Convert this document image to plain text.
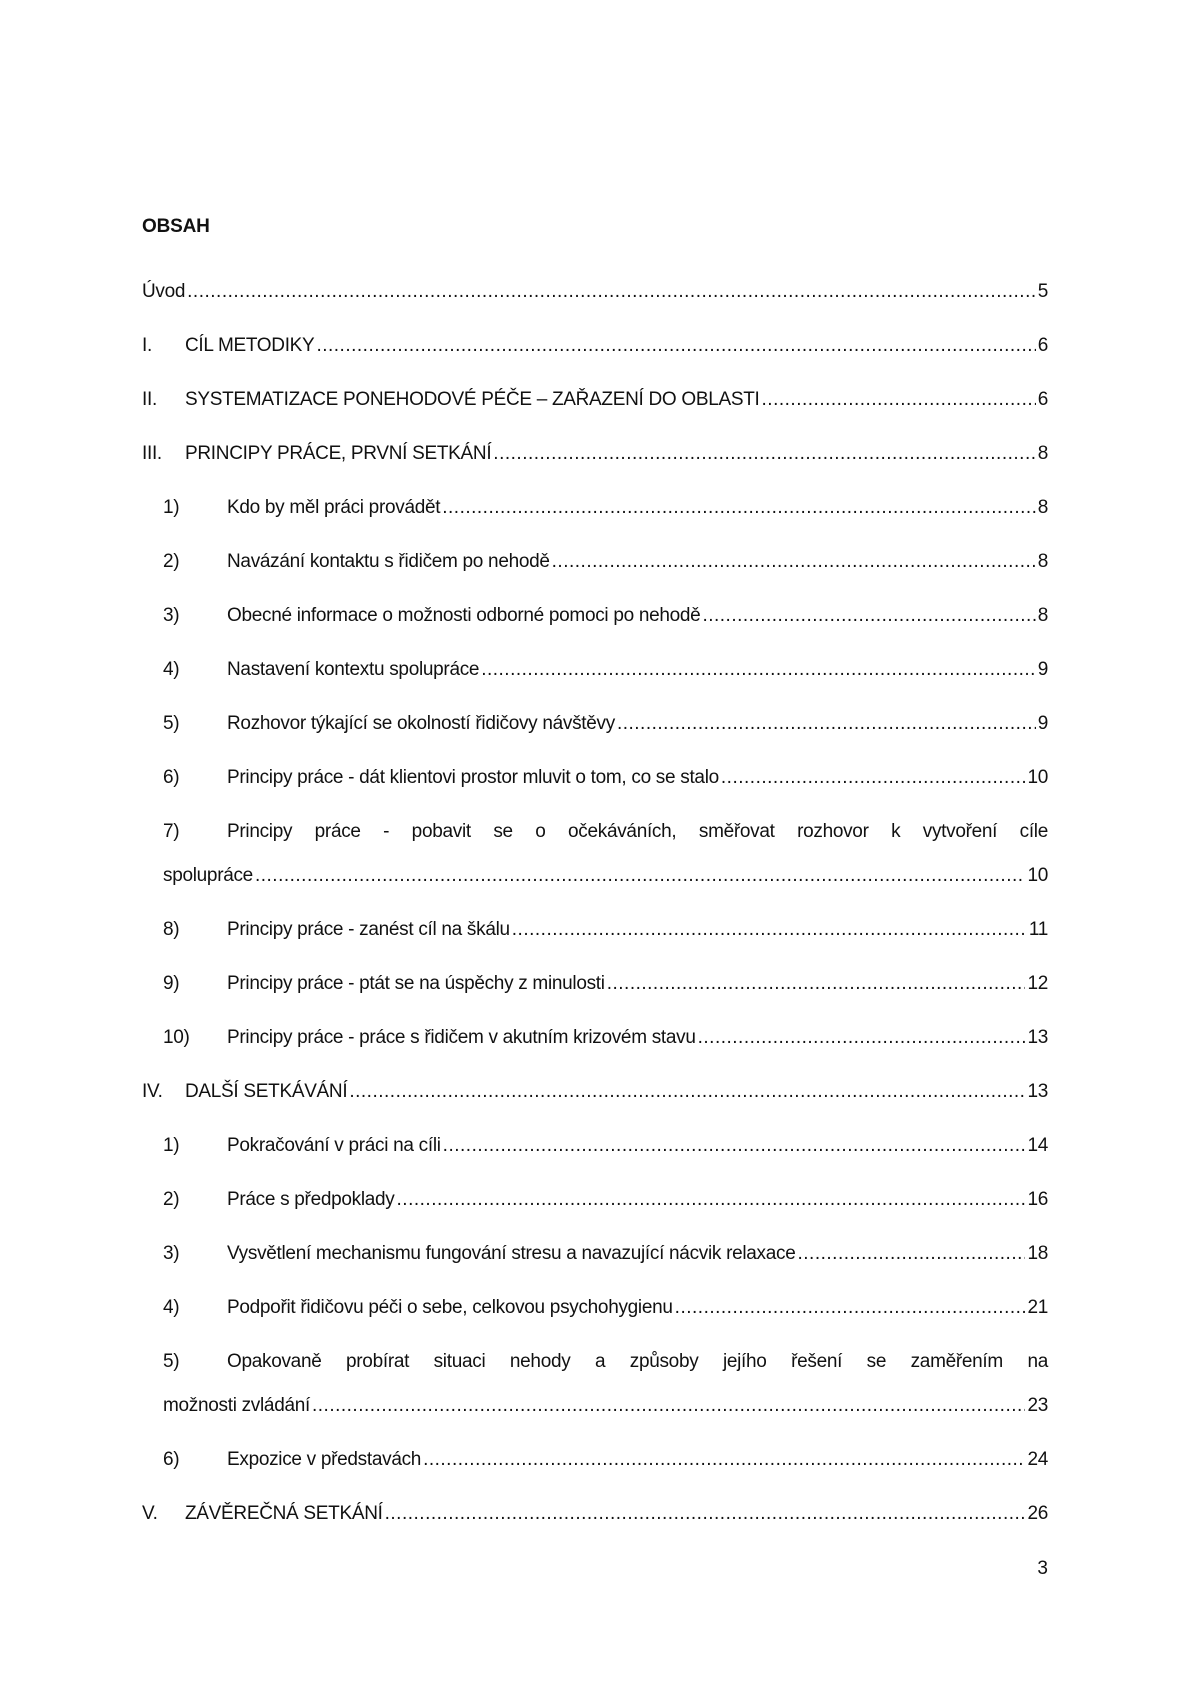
OBSAH
Úvod .....	5
I.	CÍL METODIKY .....	6
II.	SYSTEMATIZACE PONEHODOVÉ PÉČE – ZAŘAZENÍ DO OBLASTI .....	6
III.	PRINCIPY PRÁCE, PRVNÍ SETKÁNÍ .....	8
1)	Kdo by měl práci provádět .....	8
2)	Navázání kontaktu s řidičem po nehodě .....	8
3)	Obecné informace o možnosti odborné pomoci po nehodě .....	8
4)	Nastavení kontextu spolupráce .....	9
5)	Rozhovor týkající se okolností řidičovy návštěvy .....	9
6)	Principy práce - dát klientovi prostor mluvit o tom, co se stalo .....	10
7)	Principy práce - pobavit se o očekáváních, směřovat rozhovor k vytvoření cíle
spolupráce .....	10
8)	Principy práce - zanést cíl na škálu .....	11
9)	Principy práce - ptát se na úspěchy z minulosti .....	12
10)	Principy práce - práce s řidičem v akutním krizovém stavu .....	13
IV.	DALŠÍ SETKÁVÁNÍ .....	13
1)	Pokračování v práci na cíli .....	14
2)	Práce s předpoklady .....	16
3)	Vysvětlení mechanismu fungování stresu a navazující nácvik relaxace .....	18
4)	Podpořit řidičovu péči o sebe, celkovou psychohygienu .....	21
5)	Opakovaně probírat situaci nehody a způsoby jejího řešení se zaměřením na
možnosti zvládání .....	23
6)	Expozice v představách .....	24
V.	ZÁVĚREČNÁ SETKÁNÍ .....	26
3
